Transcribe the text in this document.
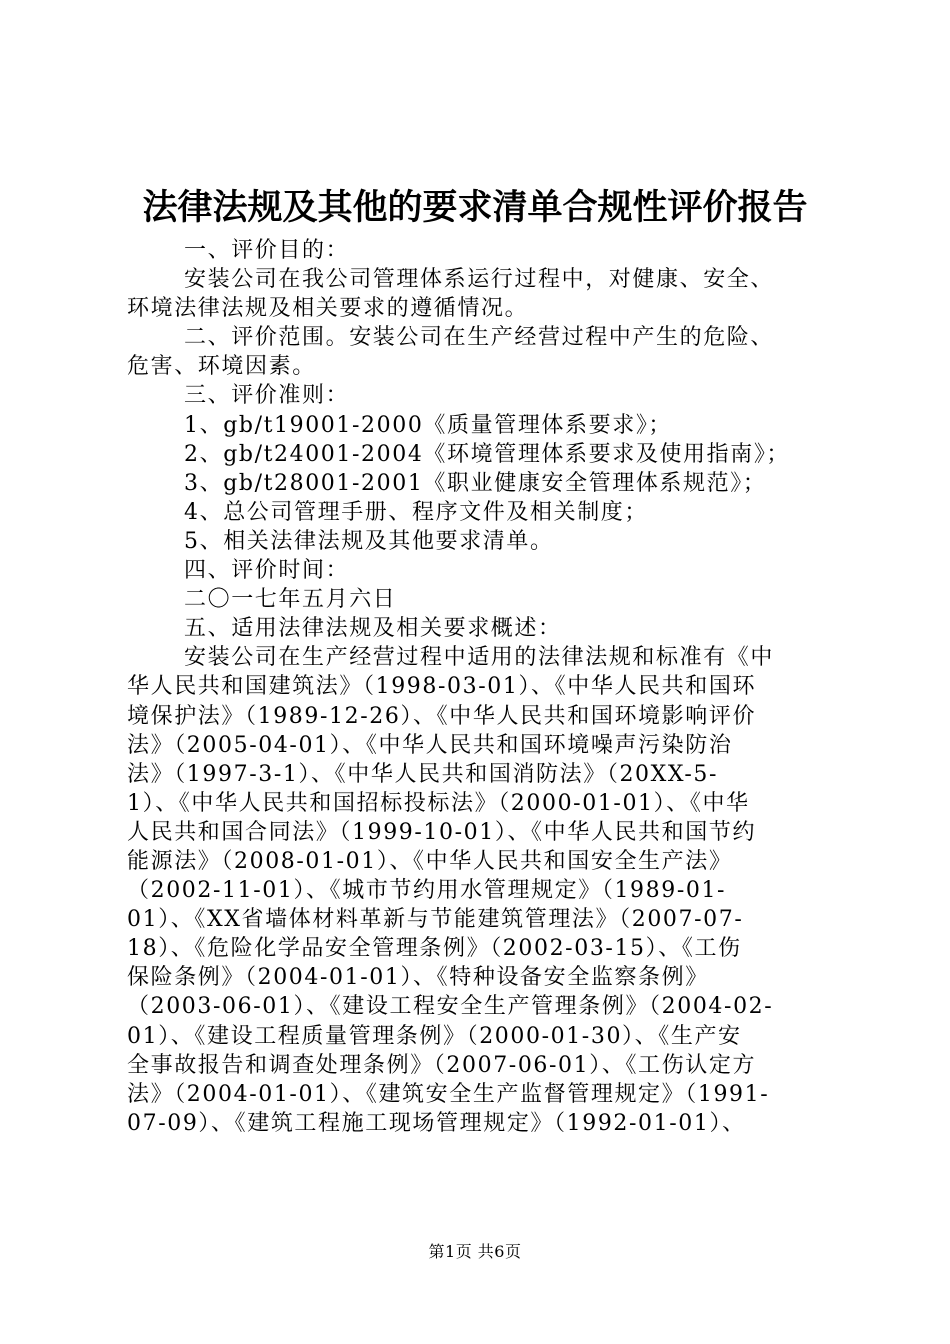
法律法规及其他的要求清单合规性评价报告
一、评价目的：
安装公司在我公司管理体系运行过程中，对健康、安全、
环境法律法规及相关要求的遵循情况。
二、评价范围。安装公司在生产经营过程中产生的危险、
危害、环境因素。
三、评价准则：
1、gb/t19001-2000《质量管理体系要求》；
2、gb/t24001-2004《环境管理体系要求及使用指南》；
3、gb/t28001-2001《职业健康安全管理体系规范》；
4、总公司管理手册、程序文件及相关制度；
5、相关法律法规及其他要求清单。
四、评价时间：
二〇一七年五月六日
五、适用法律法规及相关要求概述：
安装公司在生产经营过程中适用的法律法规和标准有《中
华人民共和国建筑法》（1998-03-01）、《中华人民共和国环
境保护法》（1989-12-26）、《中华人民共和国环境影响评价
法》（2005-04-01）、《中华人民共和国环境噪声污染防治
法》（1997-3-1）、《中华人民共和国消防法》（20XX-5-
1）、《中华人民共和国招标投标法》（2000-01-01）、《中华
人民共和国合同法》（1999-10-01）、《中华人民共和国节约
能源法》（2008-01-01）、《中华人民共和国安全生产法》
（2002-11-01）、《城市节约用水管理规定》（1989-01-
01）、《XX省墙体材料革新与节能建筑管理法》（2007-07-
18）、《危险化学品安全管理条例》（2002-03-15）、《工伤
保险条例》（2004-01-01）、《特种设备安全监察条例》
（2003-06-01）、《建设工程安全生产管理条例》（2004-02-
01）、《建设工程质量管理条例》（2000-01-30）、《生产安
全事故报告和调查处理条例》（2007-06-01）、《工伤认定方
法》（2004-01-01）、《建筑安全生产监督管理规定》（1991-
07-09）、《建筑工程施工现场管理规定》（1992-01-01）、
第1页 共6页
